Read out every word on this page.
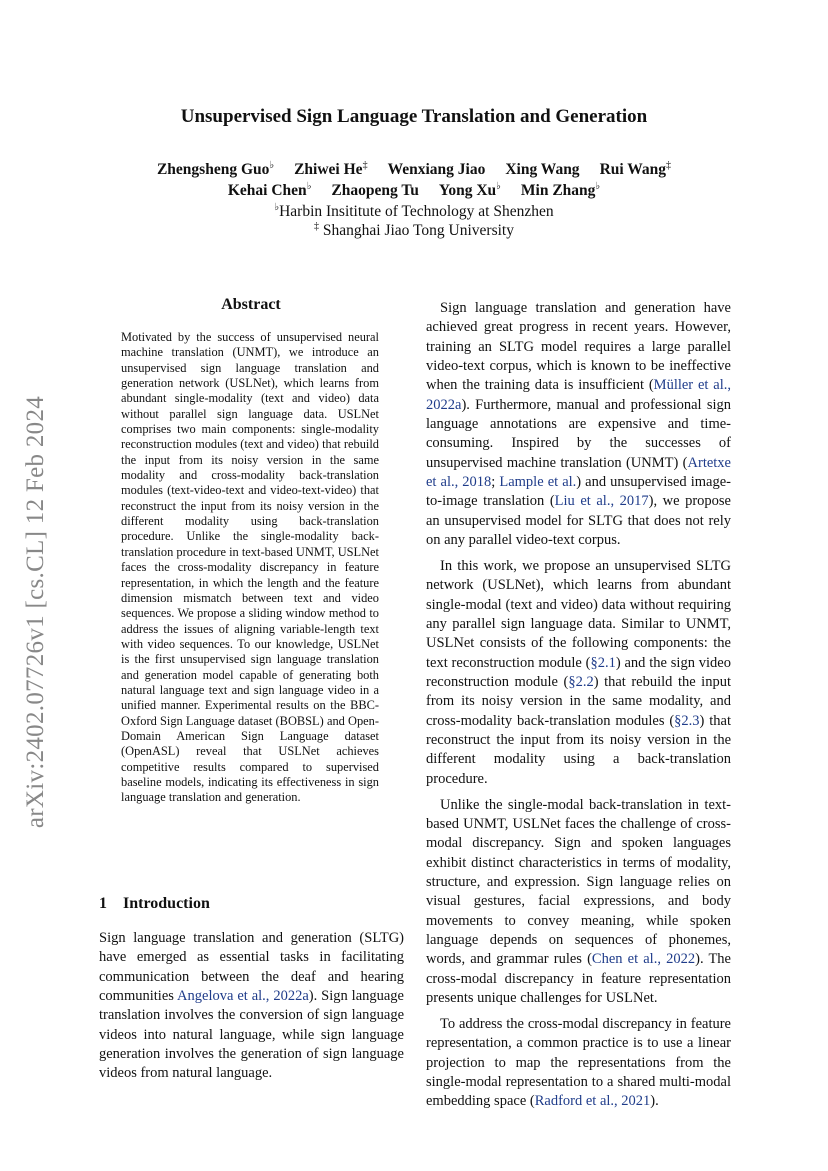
arXiv:2402.07726v1 [cs.CL] 12 Feb 2024
Unsupervised Sign Language Translation and Generation
Zhengsheng Guo♭ Zhiwei He‡ Wenxiang Jiao Xing Wang Rui Wang‡
Kehai Chen♭ Zhaopeng Tu Yong Xu♭ Min Zhang♭
♭Harbin Insititute of Technology at Shenzhen
‡ Shanghai Jiao Tong University
Abstract
Motivated by the success of unsupervised neural machine translation (UNMT), we introduce an unsupervised sign language translation and generation network (USLNet), which learns from abundant single-modality (text and video) data without parallel sign language data. USLNet comprises two main components: single-modality reconstruction modules (text and video) that rebuild the input from its noisy version in the same modality and cross-modality back-translation modules (text-video-text and video-text-video) that reconstruct the input from its noisy version in the different modality using back-translation procedure. Unlike the single-modality back-translation procedure in text-based UNMT, USLNet faces the cross-modality discrepancy in feature representation, in which the length and the feature dimension mismatch between text and video sequences. We propose a sliding window method to address the issues of aligning variable-length text with video sequences. To our knowledge, USLNet is the first unsupervised sign language translation and generation model capable of generating both natural language text and sign language video in a unified manner. Experimental results on the BBC-Oxford Sign Language dataset (BOBSL) and Open-Domain American Sign Language dataset (OpenASL) reveal that USLNet achieves competitive results compared to supervised baseline models, indicating its effectiveness in sign language translation and generation.
1 Introduction

Sign language translation and generation (SLTG) have emerged as essential tasks in facilitating communication between the deaf and hearing communities Angelova et al., 2022a). Sign language translation involves the conversion of sign language videos into natural language, while sign language generation involves the generation of sign language videos from natural language.

Sign language translation and generation have achieved great progress in recent years. However, training an SLTG model requires a large parallel video-text corpus, which is known to be ineffective when the training data is insufficient (Müller et al., 2022a). Furthermore, manual and professional sign language annotations are expensive and time-consuming. Inspired by the successes of unsupervised machine translation (UNMT) (Artetxe et al., 2018; Lample et al.) and unsupervised image-to-image translation (Liu et al., 2017), we propose an unsupervised model for SLTG that does not rely on any parallel video-text corpus.

In this work, we propose an unsupervised SLTG network (USLNet), which learns from abundant single-modal (text and video) data without requiring any parallel sign language data. Similar to UNMT, USLNet consists of the following components: the text reconstruction module (§2.1) and the sign video reconstruction module (§2.2) that rebuild the input from its noisy version in the same modality, and cross-modality back-translation modules (§2.3) that reconstruct the input from its noisy version in the different modality using a back-translation procedure.

Unlike the single-modal back-translation in text-based UNMT, USLNet faces the challenge of cross-modal discrepancy. Sign and spoken languages exhibit distinct characteristics in terms of modality, structure, and expression. Sign language relies on visual gestures, facial expressions, and body movements to convey meaning, while spoken language depends on sequences of phonemes, words, and grammar rules (Chen et al., 2022). The cross-modal discrepancy in feature representation presents unique challenges for USLNet.

To address the cross-modal discrepancy in feature representation, a common practice is to use a linear projection to map the representations from the single-modal representation to a shared multi-modal embedding space (Radford et al., 2021).
